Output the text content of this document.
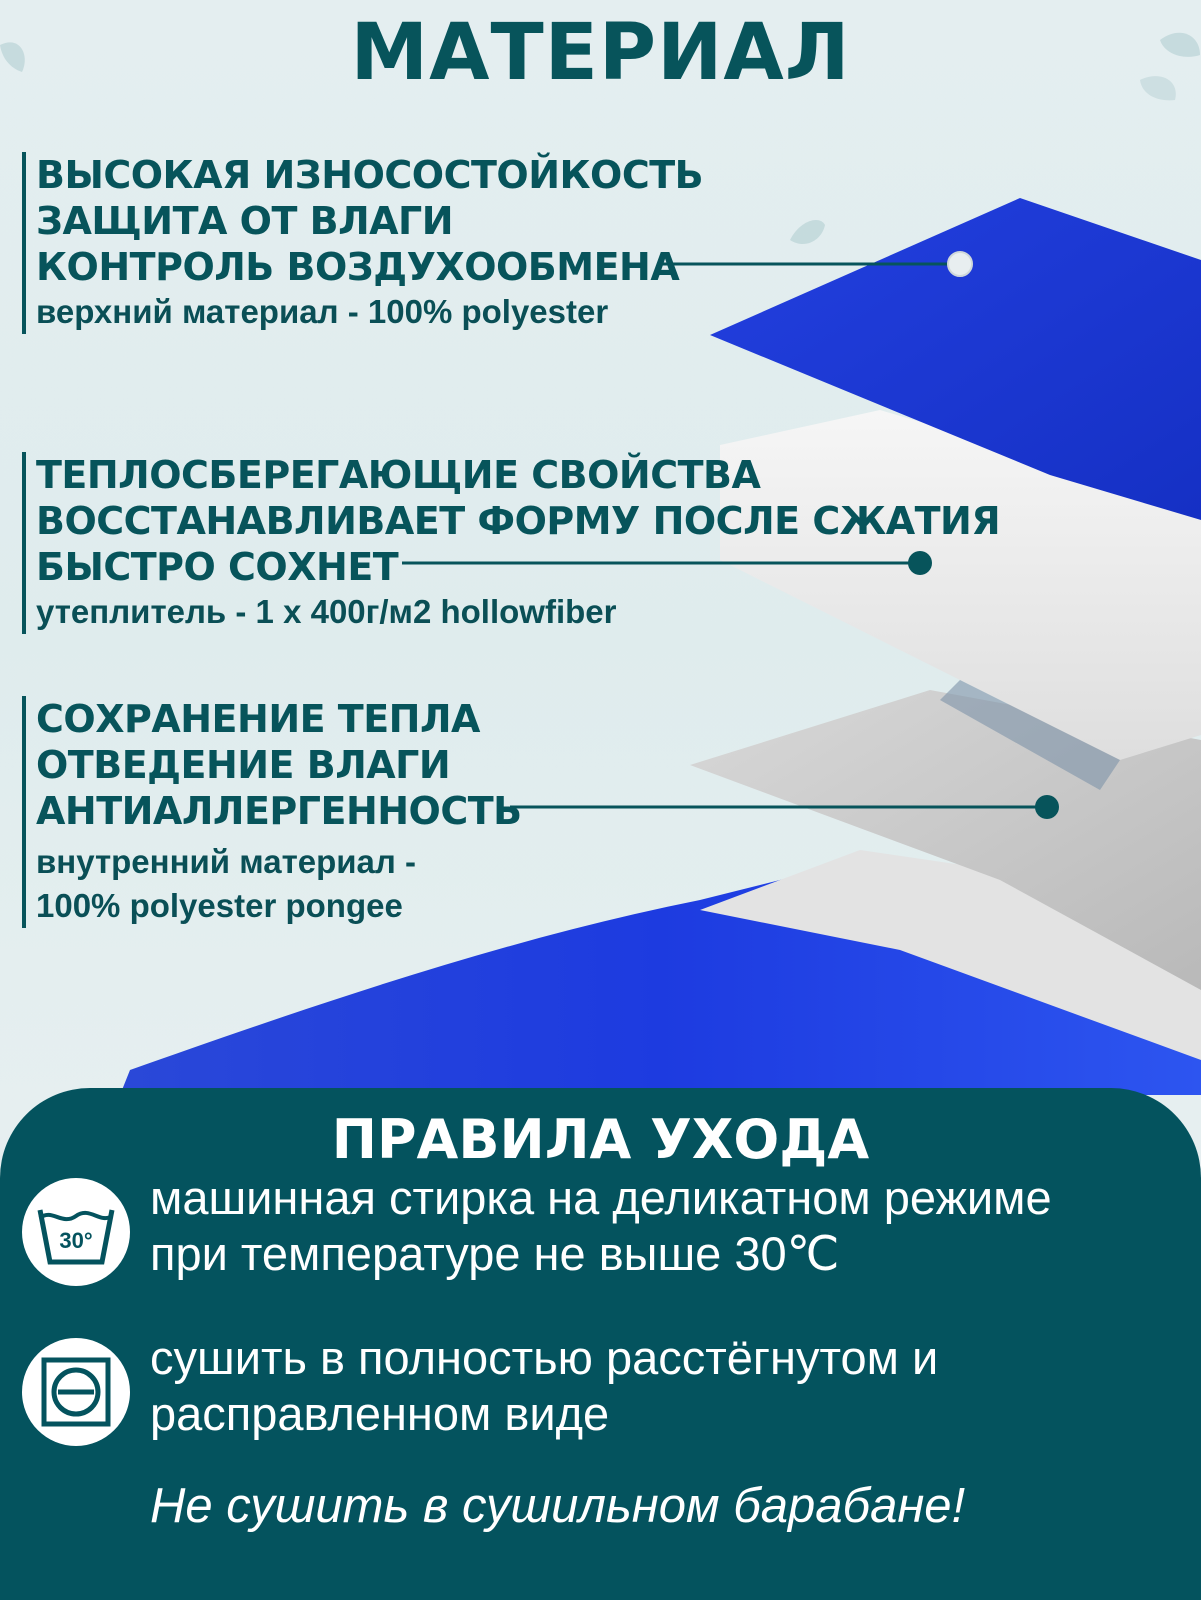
МАТЕРИАЛ
ВЫСОКАЯ ИЗНОСОСТОЙКОСТЬ
ЗАЩИТА ОТ ВЛАГИ
КОНТРОЛЬ ВОЗДУХООБМЕНА
верхний материал - 100% polyester
ТЕПЛОСБЕРЕГАЮЩИЕ СВОЙСТВА
ВОССТАНАВЛИВАЕТ ФОРМУ ПОСЛЕ СЖАТИЯ
БЫСТРО СОХНЕТ
утеплитель - 1 х 400г/м2 hollowfiber
СОХРАНЕНИЕ ТЕПЛА
ОТВЕДЕНИЕ ВЛАГИ
АНТИАЛЛЕРГЕННОСТЬ
внутренний материал -
100% polyester pongee
ПРАВИЛА УХОДА
30°
машинная стирка на деликатном режиме
при температуре не выше 30℃
сушить в полностью расстёгнутом и
расправленном виде
Не сушить в сушильном барабане!
